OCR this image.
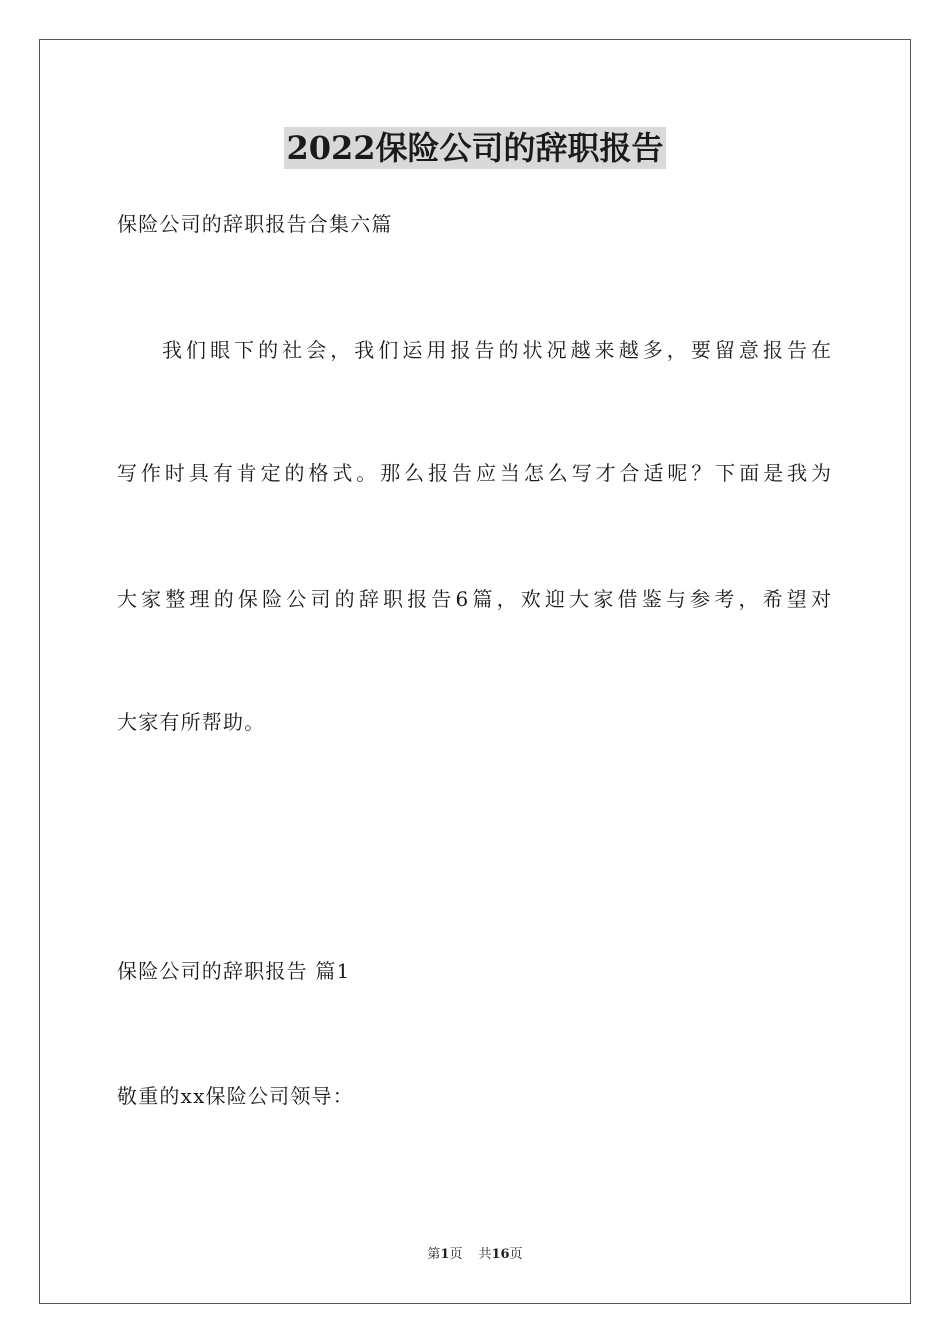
2022保险公司的辞职报告
保险公司的辞职报告合集六篇
我们眼下的社会，我们运用报告的状况越来越多，要留意报告在
写作时具有肯定的格式。那么报告应当怎么写才合适呢？下面是我为
大家整理的保险公司的辞职报告6篇，欢迎大家借鉴与参考，希望对
大家有所帮助。
保险公司的辞职报告 篇1
敬重的xx保险公司领导：
第1页 共16页
